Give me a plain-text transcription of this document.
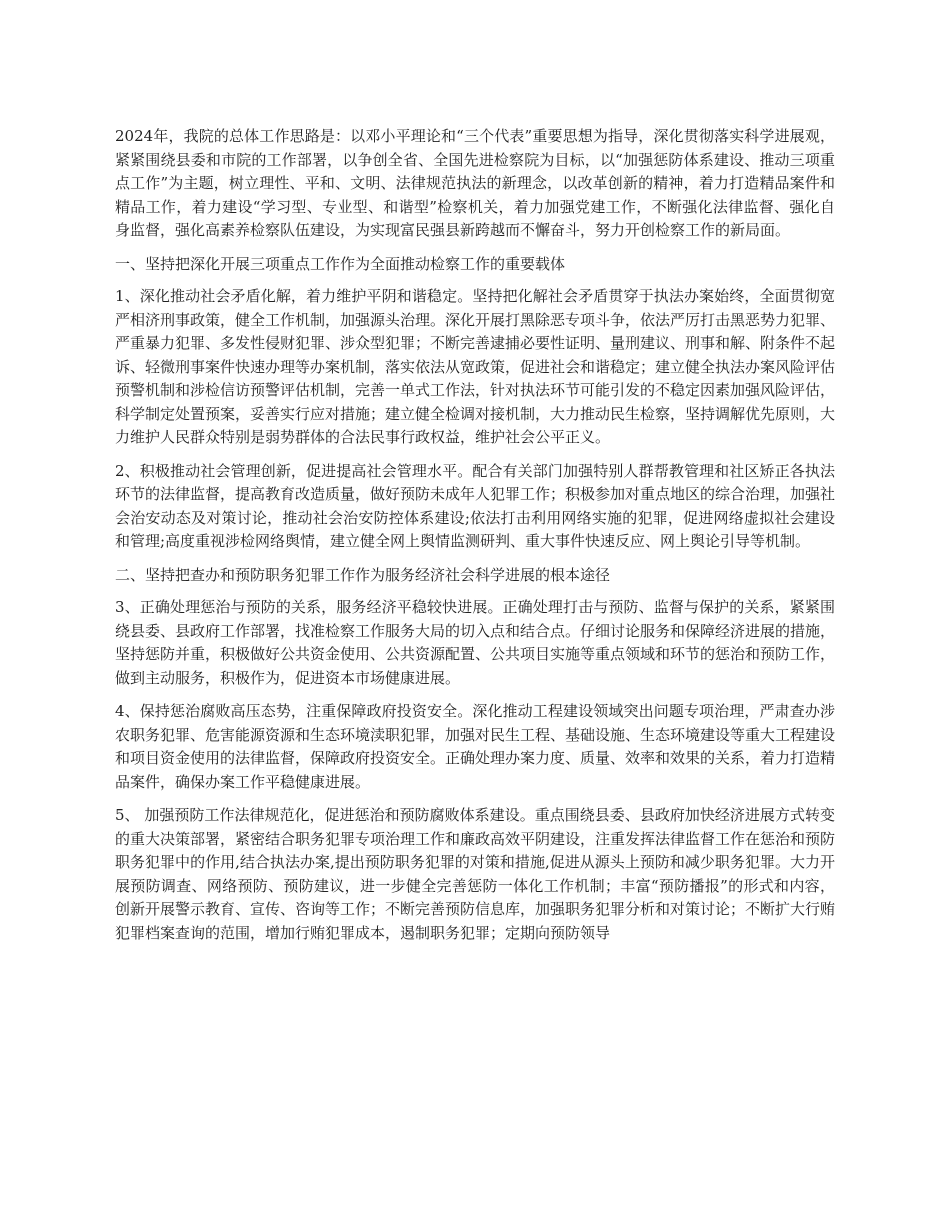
2024年，我院的总体工作思路是：以邓小平理论和“三个代表”重要思想为指导，深化贯彻落实科学进展观，紧紧围绕县委和市院的工作部署，以争创全省、全国先进检察院为目标，以“加强惩防体系建设、推动三项重点工作”为主题，树立理性、平和、文明、法律规范执法的新理念，以改革创新的精神，着力打造精品案件和精品工作，着力建设“学习型、专业型、和谐型”检察机关，着力加强党建工作，不断强化法律监督、强化自身监督，强化高素养检察队伍建设，为实现富民强县新跨越而不懈奋斗，努力开创检察工作的新局面。

一、坚持把深化开展三项重点工作作为全面推动检察工作的重要载体

1、深化推动社会矛盾化解，着力维护平阴和谐稳定。坚持把化解社会矛盾贯穿于执法办案始终，全面贯彻宽严相济刑事政策，健全工作机制，加强源头治理。深化开展打黑除恶专项斗争，依法严厉打击黑恶势力犯罪、严重暴力犯罪、多发性侵财犯罪、涉众型犯罪；不断完善逮捕必要性证明、量刑建议、刑事和解、附条件不起诉、轻微刑事案件快速办理等办案机制，落实依法从宽政策，促进社会和谐稳定；建立健全执法办案风险评估预警机制和涉检信访预警评估机制，完善一单式工作法，针对执法环节可能引发的不稳定因素加强风险评估，科学制定处置预案，妥善实行应对措施；建立健全检调对接机制，大力推动民生检察，坚持调解优先原则，大力维护人民群众特别是弱势群体的合法民事行政权益，维护社会公平正义。

2、积极推动社会管理创新，促进提高社会管理水平。配合有关部门加强特别人群帮教管理和社区矫正各执法环节的法律监督，提高教育改造质量，做好预防未成年人犯罪工作；积极参加对重点地区的综合治理，加强社会治安动态及对策讨论，推动社会治安防控体系建设;依法打击利用网络实施的犯罪，促进网络虚拟社会建设和管理;高度重视涉检网络舆情，建立健全网上舆情监测研判、重大事件快速反应、网上舆论引导等机制。

二、坚持把查办和预防职务犯罪工作作为服务经济社会科学进展的根本途径

3、正确处理惩治与预防的关系，服务经济平稳较快进展。正确处理打击与预防、监督与保护的关系，紧紧围绕县委、县政府工作部署，找准检察工作服务大局的切入点和结合点。仔细讨论服务和保障经济进展的措施，坚持惩防并重，积极做好公共资金使用、公共资源配置、公共项目实施等重点领域和环节的惩治和预防工作，做到主动服务，积极作为，促进资本市场健康进展。

4、保持惩治腐败高压态势，注重保障政府投资安全。深化推动工程建设领域突出问题专项治理，严肃查办涉农职务犯罪、危害能源资源和生态环境渎职犯罪，加强对民生工程、基础设施、生态环境建设等重大工程建设和项目资金使用的法律监督，保障政府投资安全。正确处理办案力度、质量、效率和效果的关系，着力打造精品案件，确保办案工作平稳健康进展。

5、 加强预防工作法律规范化，促进惩治和预防腐败体系建设。重点围绕县委、县政府加快经济进展方式转变的重大决策部署，紧密结合职务犯罪专项治理工作和廉政高效平阴建设，注重发挥法律监督工作在惩治和预防职务犯罪中的作用,结合执法办案,提出预防职务犯罪的对策和措施,促进从源头上预防和减少职务犯罪。大力开展预防调查、网络预防、预防建议，进一步健全完善惩防一体化工作机制；丰富“预防播报”的形式和内容，创新开展警示教育、宣传、咨询等工作；不断完善预防信息库，加强职务犯罪分析和对策讨论；不断扩大行贿犯罪档案查询的范围，增加行贿犯罪成本，遏制职务犯罪；定期向预防领导
